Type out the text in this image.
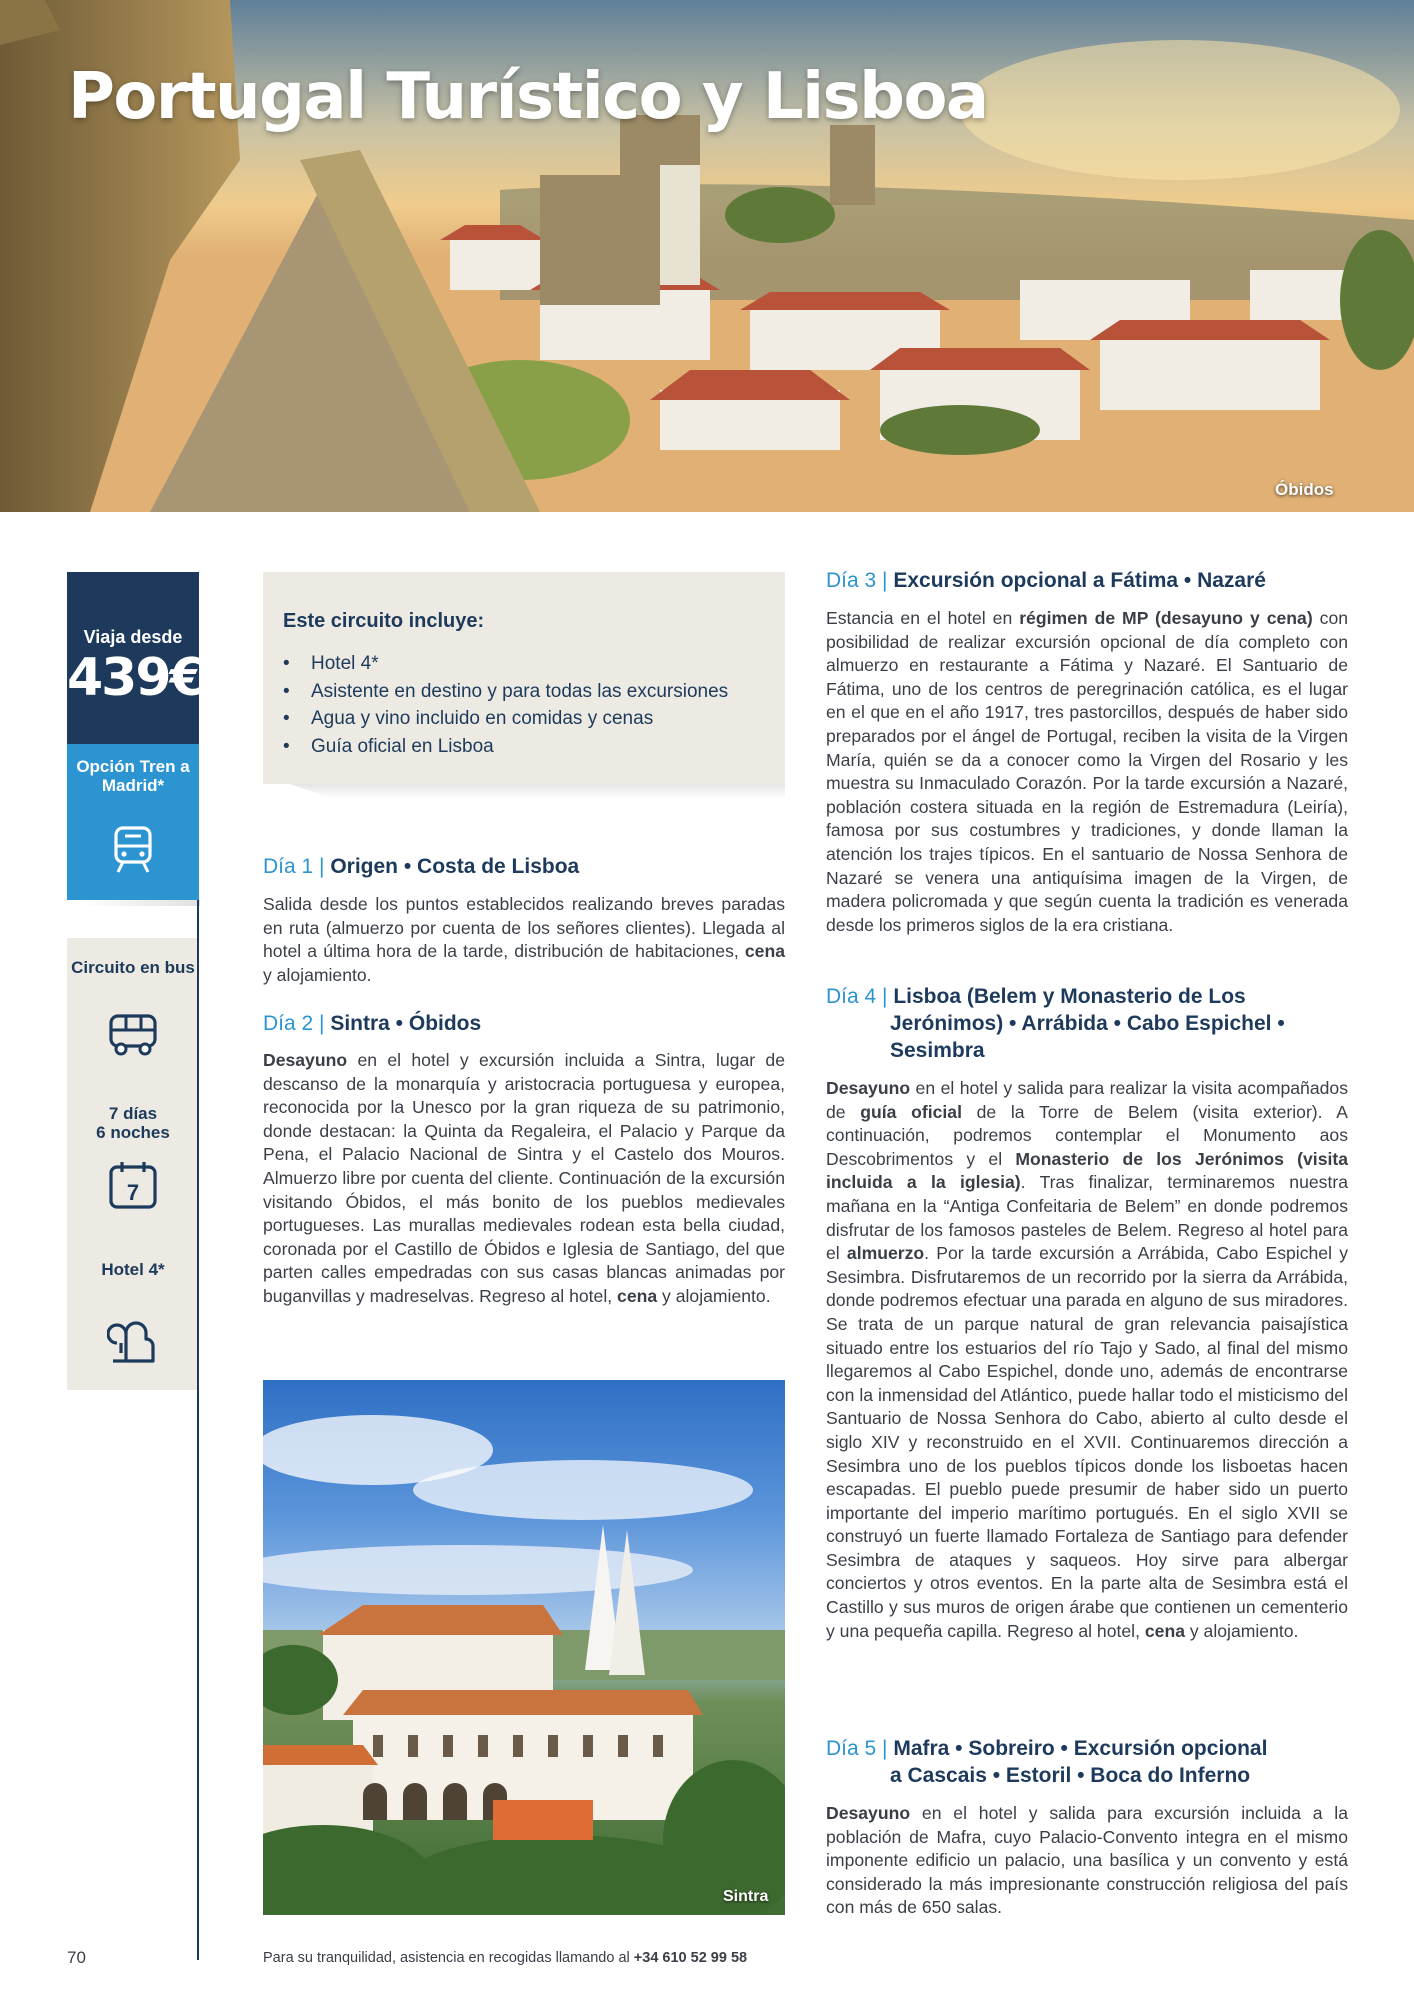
Portugal Turístico y Lisboa
Óbidos
Viaja desde
439€
Opción Tren a Madrid*
Circuito en bus
7 días
6 noches
7
Hotel 4*
Este circuito incluye:
• Hotel 4*
• Asistente en destino y para todas las excursiones
• Agua y vino incluido en comidas y cenas
• Guía oficial en Lisboa
Día 1 | Origen • Costa de Lisboa
Salida desde los puntos establecidos realizando breves paradas en ruta (almuerzo por cuenta de los señores clientes). Llegada al hotel a última hora de la tarde, distribución de habitaciones, cena y alojamiento.
Día 2 | Sintra • Óbidos
Desayuno en el hotel y excursión incluida a Sintra, lugar de descanso de la monarquía y aristocracia portuguesa y europea, reconocida por la Unesco por la gran riqueza de su patrimonio, donde destacan: la Quinta da Regaleira, el Palacio y Parque da Pena, el Palacio Nacional de Sintra y el Castelo dos Mouros. Almuerzo libre por cuenta del cliente. Continuación de la excursión visitando Óbidos, el más bonito de los pueblos medievales portugueses. Las murallas medievales rodean esta bella ciudad, coronada por el Castillo de Óbidos e Iglesia de Santiago, del que parten calles empedradas con sus casas blancas animadas por buganvillas y madreselvas. Regreso al hotel, cena y alojamiento.
Sintra
Día 3 | Excursión opcional a Fátima • Nazaré
Estancia en el hotel en régimen de MP (desayuno y cena) con posibilidad de realizar excursión opcional de día completo con almuerzo en restaurante a Fátima y Nazaré. El Santuario de Fátima, uno de los centros de peregrinación católica, es el lugar en el que en el año 1917, tres pastorcillos, después de haber sido preparados por el ángel de Portugal, reciben la visita de la Virgen María, quién se da a conocer como la Virgen del Rosario y les muestra su Inmaculado Corazón. Por la tarde excursión a Nazaré, población costera situada en la región de Estremadura (Leiría), famosa por sus costumbres y tradiciones, y donde llaman la atención los trajes típicos. En el santuario de Nossa Senhora de Nazaré se venera una antiquísima imagen de la Virgen, de madera policromada y que según cuenta la tradición es venerada desde los primeros siglos de la era cristiana.
Día 4 | Lisboa (Belem y Monasterio de Los
Jerónimos) • Arrábida • Cabo Espichel •
Sesimbra
Desayuno en el hotel y salida para realizar la visita acompañados de guía oficial de la Torre de Belem (visita exterior). A continuación, podremos contemplar el Monumento aos Descobrimentos y el Monasterio de los Jerónimos (visita incluida a la iglesia). Tras finalizar, terminaremos nuestra mañana en la “Antiga Confeitaria de Belem” en donde podremos disfrutar de los famosos pasteles de Belem. Regreso al hotel para el almuerzo. Por la tarde excursión a Arrábida, Cabo Espichel y Sesimbra. Disfrutaremos de un recorrido por la sierra da Arrábida, donde podremos efectuar una parada en alguno de sus miradores. Se trata de un parque natural de gran relevancia paisajística situado entre los estuarios del río Tajo y Sado, al final del mismo llegaremos al Cabo Espichel, donde uno, además de encontrarse con la inmensidad del Atlántico, puede hallar todo el misticismo del Santuario de Nossa Senhora do Cabo, abierto al culto desde el siglo XIV y reconstruido en el XVII. Continuaremos dirección a Sesimbra uno de los pueblos típicos donde los lisboetas hacen escapadas. El pueblo puede presumir de haber sido un puerto importante del imperio marítimo portugués. En el siglo XVII se construyó un fuerte llamado Fortaleza de Santiago para defender Sesimbra de ataques y saqueos. Hoy sirve para albergar conciertos y otros eventos. En la parte alta de Sesimbra está el Castillo y sus muros de origen árabe que contienen un cementerio y una pequeña capilla. Regreso al hotel, cena y alojamiento.
Día 5 | Mafra • Sobreiro • Excursión opcional
a Cascais • Estoril • Boca do Inferno
Desayuno en el hotel y salida para excursión incluida a la población de Mafra, cuyo Palacio-Convento integra en el mismo imponente edificio un palacio, una basílica y un convento y está considerado la más impresionante construcción religiosa del país con más de 650 salas.
70	Para su tranquilidad, asistencia en recogidas llamando al +34 610 52 99 58
